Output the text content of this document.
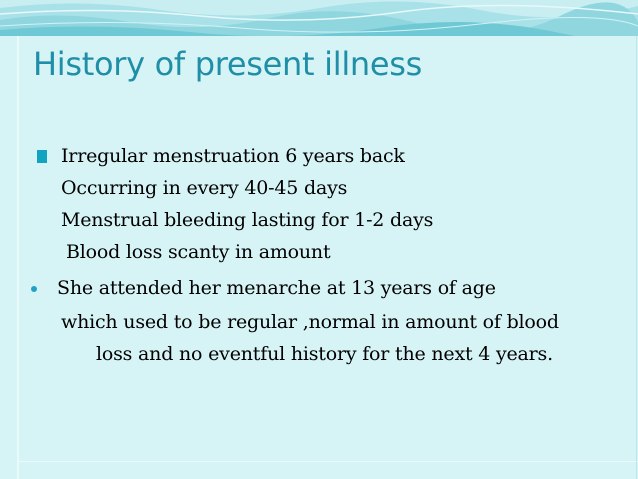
History of present illness
Irregular menstruation 6 years back
Occurring in every 40-45 days
Menstrual bleeding lasting for 1-2 days
Blood loss scanty in amount
She attended her menarche at 13 years of age
which used to be regular ,normal in amount of blood
loss and no eventful history for the next 4 years.
